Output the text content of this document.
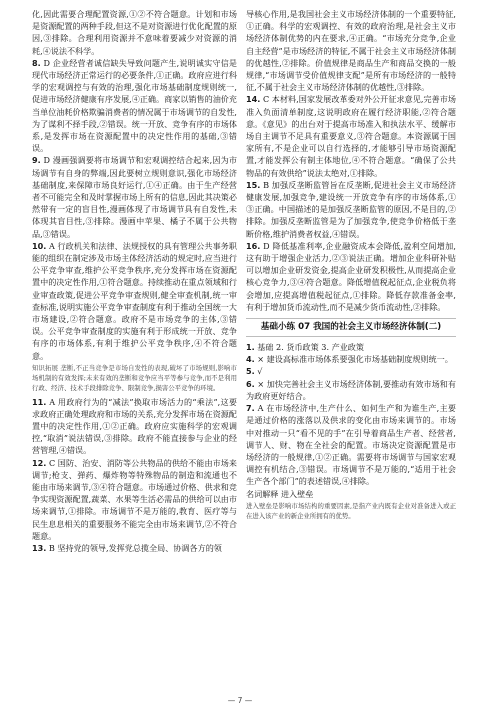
化,因此需要合理配置资源,①②不符合题意。计划和市场是资源配置的两种手段,但这不是对资源进行优化配置的原因,③排除。合理利用资源并不意味着要减少对资源的消耗,④说法不科学。

8. D 企业经营者诚信缺失导致问题产生,说明诚实守信是现代市场经济正常运行的必要条件,①正确。政府应进行科学的宏观调控与有效的治理,强化市场基础制度规则统一,促进市场经济健康有序发展,④正确。商家以销售的油价充当单位油耗价格欺骗消费者的情况属于市场调节的自发性,为了谋利不择手段,②错误。统一开放、竞争有序的市场体系,是发挥市场在资源配置中的决定性作用的基础,③错误。

9. D 漫画强调要将市场调节和宏观调控结合起来,因为市场调节有自身的弊端,因此要树立规则意识,强化市场经济基础制度,来保障市场良好运行,①④正确。由于生产经营者不可能完全和及时掌握市场上所有的信息,因此其决策必然带有一定的盲目性,漫画体现了市场调节具有自发性,未体现其盲目性,③排除。漫画中苹果、橘子不属于公共物品,③错误。

10. A 行政机关和法律、法规授权的具有管理公共事务职能的组织在制定涉及市场主体经济活动的规定时,应当进行公平竞争审查,维护公平竞争秩序,充分发挥市场在资源配置中的决定性作用,①符合题意。持续推动在重点领域和行业审查政策,促进公平竞争审查规则,健全审查机制,统一审查标准,说明实施公平竞争审查制度有利于推动全国统一大市场建设,②符合题意。政府不是市场竞争的主体,③错误。公平竞争审查制度的实施有利于形成统一开放、竞争有序的市场体系,有利于维护公平竞争秩序,④不符合题意。

知识拓展 垄断,不正当竞争是市场自发性的表现,破坏了市场规则,影响市场机制的有效发挥;未来有效的垄断和竞争应当平等参与竞争,而不是利用行政、经济、技术手段排除竞争、限制竞争,损害公平竞争的环境。

11. A 用政府行为的“减法”换取市场活力的“乘法”,这要求政府正确处理政府和市场的关系,充分发挥市场在资源配置中的决定性作用,①②正确。政府应实施科学的宏观调控,“取消”说法错误,③排除。政府不能直接参与企业的经营管理,④错误。

12. C 国防、治安、消防等公共物品的供给不能由市场来调节;枪支、弹药、爆炸物等特殊物品的制造和流通也不能由市场来调节,③④符合题意。市场通过价格、供求和竞争实现资源配置,蔬菜、水果等生活必需品的供给可以由市场来调节,①排除。市场调节不是万能的,教育、医疗等与民生息息相关的重要服务不能完全由市场来调节,②不符合题意。

13. B 坚持党的领导,发挥党总揽全局、协调各方的领

导核心作用,是我国社会主义市场经济体制的一个重要特征,①正确。科学的宏观调控、有效的政府治理,是社会主义市场经济体制优势的内在要求,④正确。“市场充分竞争,企业自主经营”是市场经济的特征,不属于社会主义市场经济体制的优越性,②排除。价值规律是商品生产和商品交换的一般规律,“市场调节受价值规律支配”是所有市场经济的一般特征,不属于社会主义市场经济体制的优越性,③排除。

14. C 本材料,国家发展改革委对外公开征求意见,完善市场准入负面清单制度,这说明政府在履行经济职能,②符合题意。《意见》的出台对于提高市场准入和执法水平、缓解市场自主调节不足具有重要意义,③符合题意。本资源属于国家所有,不是企业可以自行选择的,才能够引导市场资源配置,才能发挥公有制主体地位,④不符合题意。“确保了公共物品的有效供给”说法太绝对,①排除。

15. B 加强反垄断监管旨在反垄断,促进社会主义市场经济健康发展,加强竞争,建设统一开放竞争有序的市场体系,①③正确。中国描述的是加强反垄断监管的原因,不是目的,②排除。加强反垄断监管是为了加强竞争,使竞争价格低于垄断价格,维护消费者权益,④错误。

16. D 降低基准利率,企业融资成本会降低,盈利空间增加,这有助于增强企业活力,②③说法正确。增加企业科研补贴可以增加企业研发资金,提高企业研发积极性,从而提高企业核心竞争力,③④符合题意。降低增值税起征点,企业税负将会增加,应提高增值税起征点,①排除。降低存款准备金率,有利于增加货币流动性,而不是减少货币流动性,②排除。

基础小练 07 我国的社会主义市场经济体制(二)

1. 基础 2. 货币政策 3. 产业政策

4. × 建设高标准市场体系要强化市场基础制度规则统一。

5. √

6. × 加快完善社会主义市场经济体制,要推动有效市场和有为政府更好结合。

7. A 在市场经济中,生产什么、如何生产和为谁生产,主要是通过价格的涨落以及供求的变化由市场来调节的。市场中对推动一只“看不见的手”在引导着商品生产者、经营者,调节人、财、物在全社会的配置。市场决定资源配置是市场经济的一般规律,①②正确。需要将市场调节与国家宏观调控有机结合,③错误。市场调节不是万能的,“适用于社会生产各个部门”的表述错误,④排除。

名词解释 进入壁垒

进入壁垒是影响市场结构的重要因素,是指产业内既有企业对准备进入或正在进入该产业的新企业所拥有的优势。

— 7 —
